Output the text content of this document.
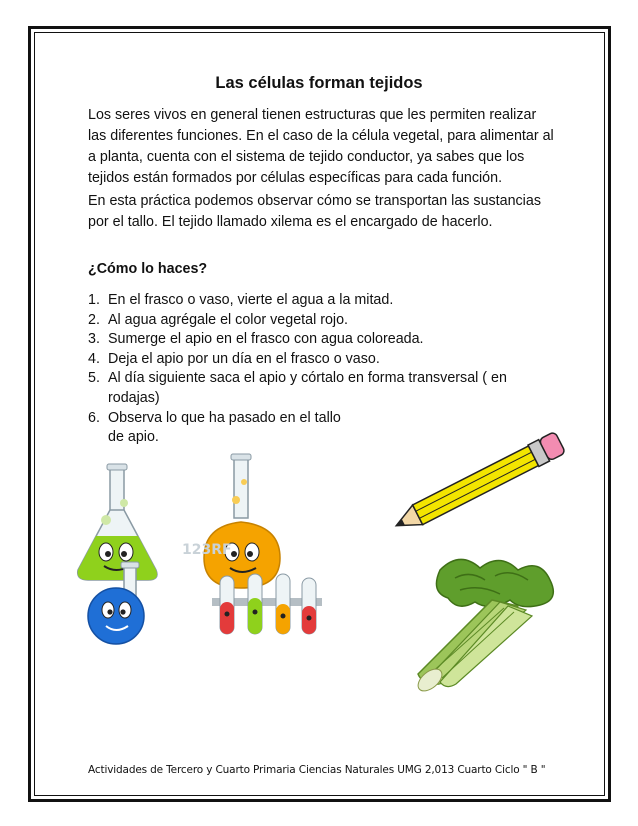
Las células forman tejidos

Los seres vivos en general tienen estructuras que les permiten realizar las diferentes funciones. En el caso de la célula vegetal, para alimentar al a planta, cuenta con el sistema de tejido conductor, ya sabes que los tejidos están formados por células específicas para cada función.

En esta práctica podemos observar cómo se transportan las sustancias por el tallo. El tejido llamado xilema es el encargado de hacerlo.

¿Cómo lo haces?
1. En el frasco o vaso, vierte el agua a la mitad.
2. Al agua agrégale el color vegetal rojo.
3. Sumerge el apio en el frasco con agua coloreada.
4. Deja el apio por un día en el frasco o vaso.
5. Al día siguiente saca el apio y córtalo en forma transversal ( en rodajas)
6. Observa lo que ha pasado en el tallo de apio.
123RF
Actividades de Tercero y Cuarto Primaria Ciencias Naturales UMG 2,013 Cuarto Ciclo " B "
